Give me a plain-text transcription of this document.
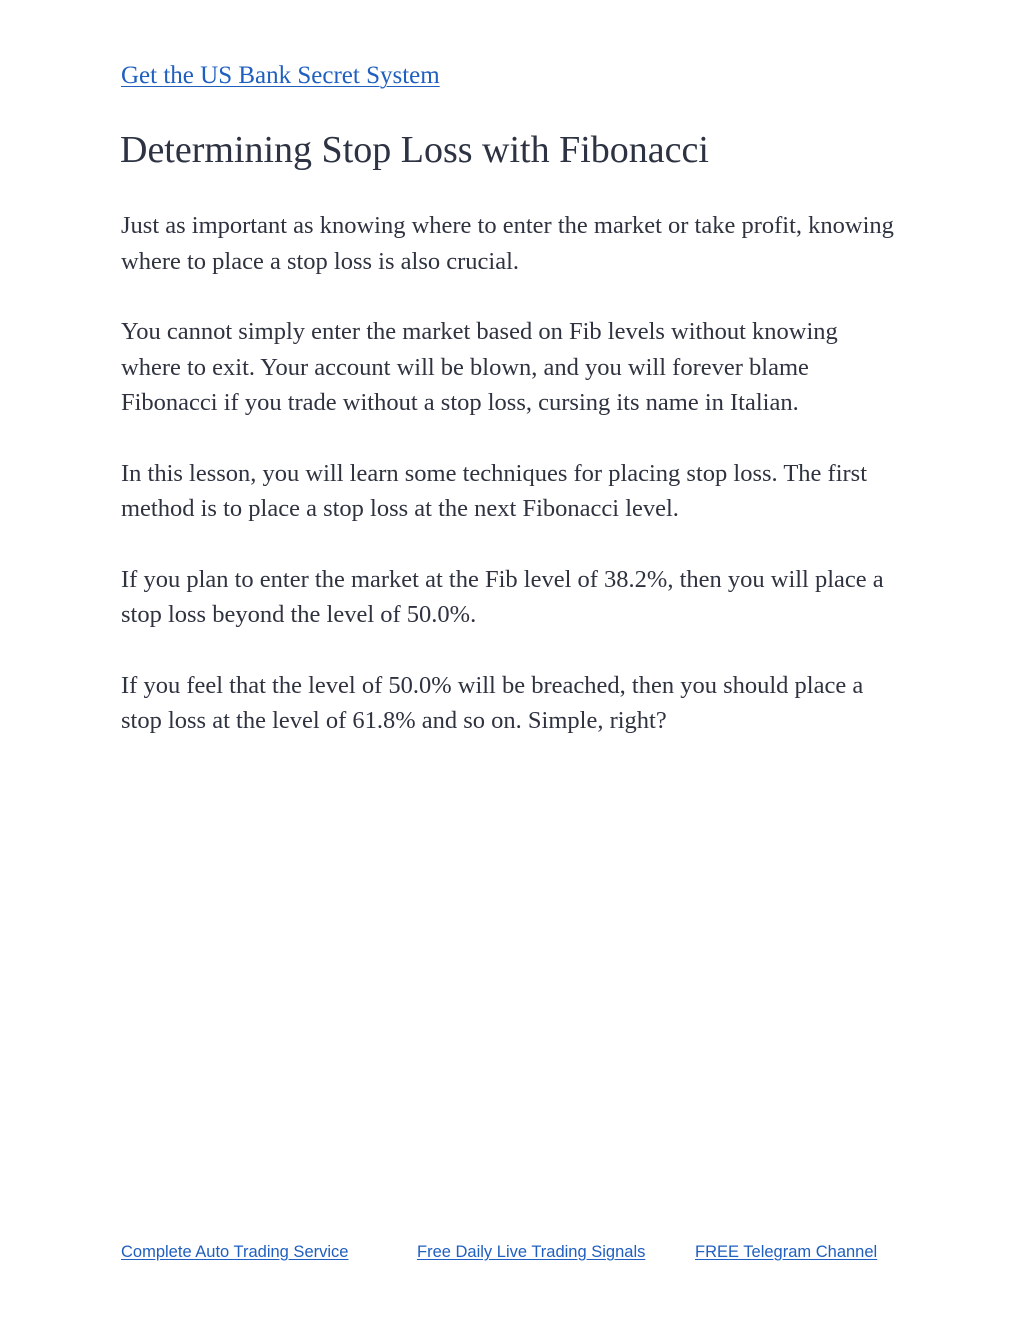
Get the US Bank Secret System
Determining Stop Loss with Fibonacci

Just as important as knowing where to enter the market or take profit, knowing where to place a stop loss is also crucial.

You cannot simply enter the market based on Fib levels without knowing where to exit. Your account will be blown, and you will forever blame Fibonacci if you trade without a stop loss, cursing its name in Italian.

In this lesson, you will learn some techniques for placing stop loss. The first method is to place a stop loss at the next Fibonacci level.

If you plan to enter the market at the Fib level of 38.2%, then you will place a stop loss beyond the level of 50.0%.

If you feel that the level of 50.0% will be breached, then you should place a stop loss at the level of 61.8% and so on. Simple, right?

Complete Auto Trading Service	Free Daily Live Trading Signals	FREE Telegram Channel
